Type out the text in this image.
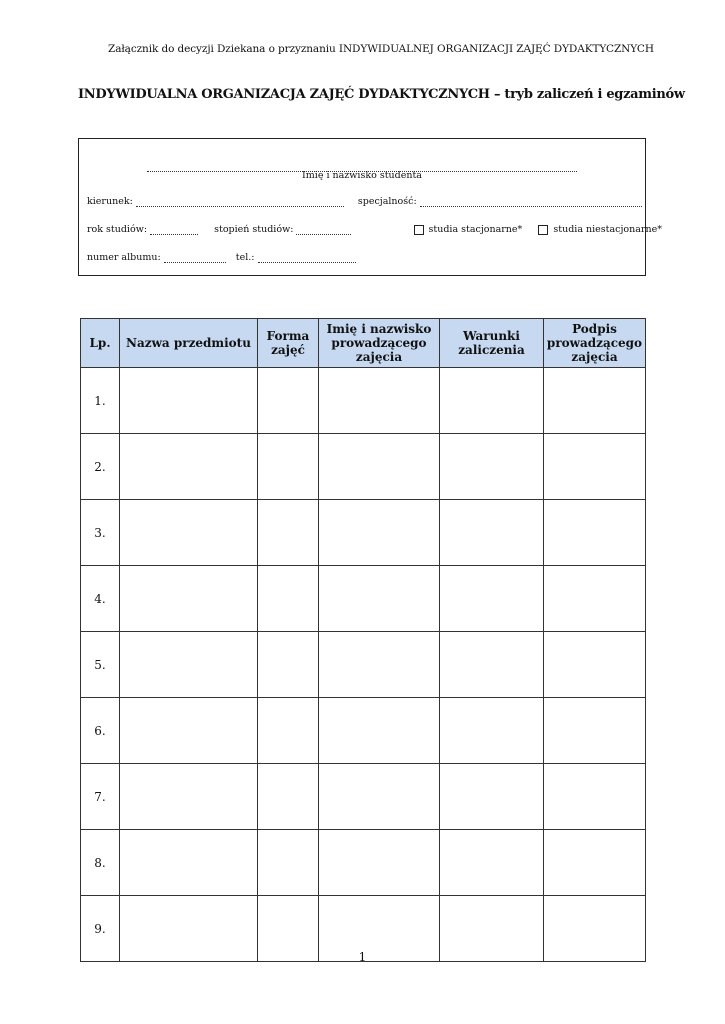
Załącznik do decyzji Dziekana o przyznaniu INDYWIDUALNEJ ORGANIZACJI ZAJĘĆ DYDAKTYCZNYCH
INDYWIDUALNA ORGANIZACJA ZAJĘĆ DYDAKTYCZNYCH – tryb zaliczeń i egzaminów
Imię i nazwisko studenta
kierunek:	specjalność:
rok studiów:	stopień studiów:	studia stacjonarne*	studia niestacjonarne*
numer albumu:	tel.:
Lp.	Nazwa przedmiotu	Forma zajęć	Imię i nazwisko prowadzącego zajęcia	Warunki zaliczenia	Podpis prowadzącego zajęcia
1.					
2.					
3.					
4.					
5.					
6.					
7.					
8.					
9.					
1
